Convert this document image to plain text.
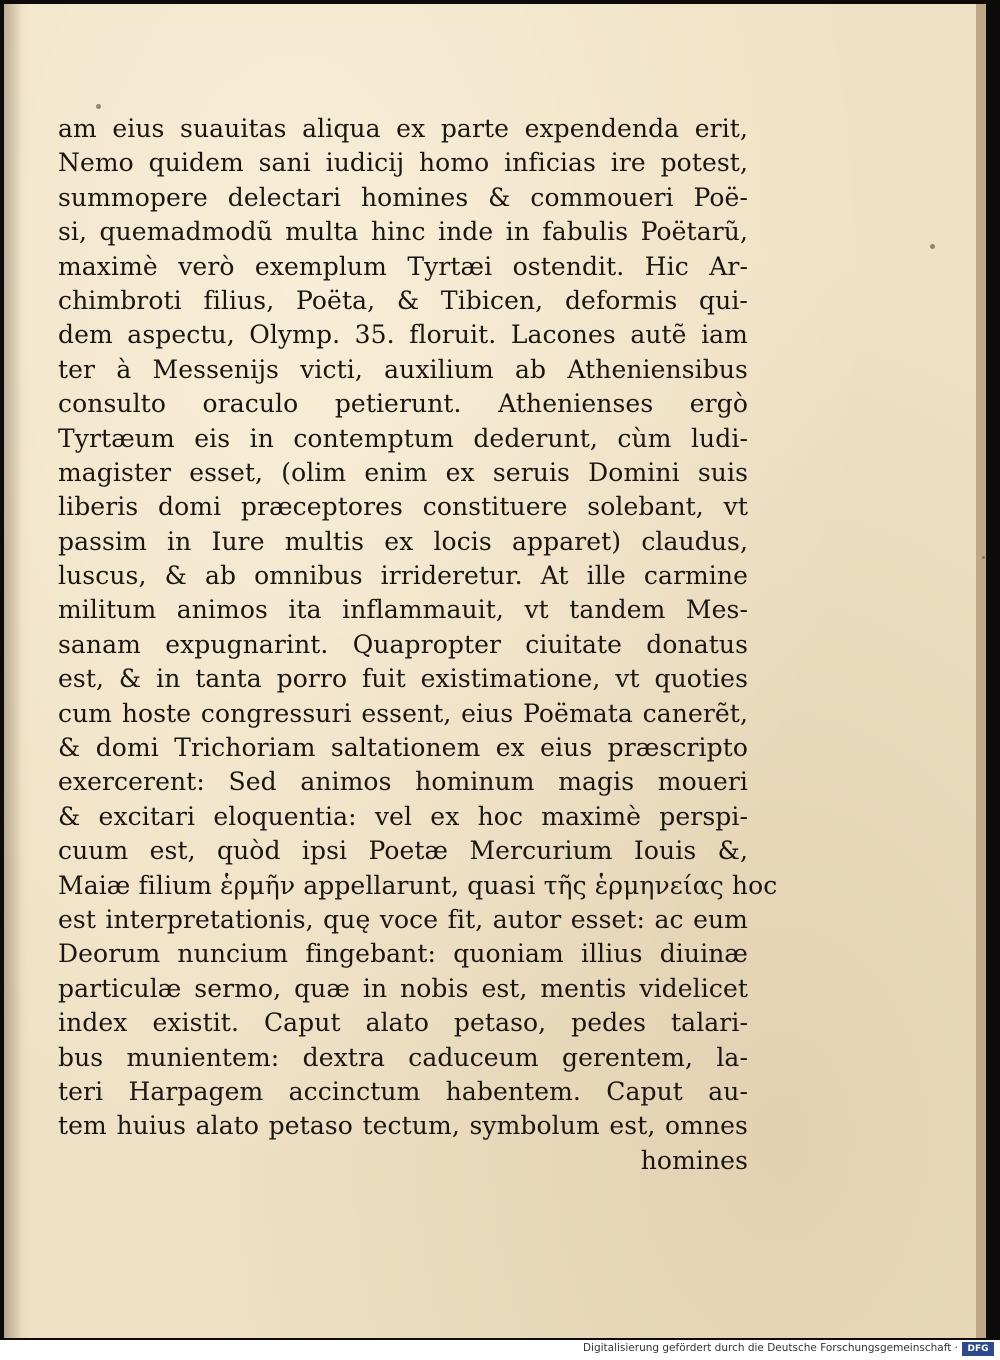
am eius suauitas aliqua ex parte expendenda erit,
Nemo quidem sani iudicij homo inficias ire potest,
summopere delectari homines & commoueri Poë-
si, quemadmodũ multa hinc inde in fabulis Poëtarũ,
maximè verò exemplum Tyrtæi ostendit. Hic Ar-
chimbroti filius, Poëta, & Tibicen, deformis qui-
dem aspectu, Olymp. 35. floruit. Lacones autẽ iam
ter à Messenijs victi, auxilium ab Atheniensibus
consulto oraculo petierunt. Athenienses ergò
Tyrtæum eis in contemptum dederunt, cùm ludi-
magister esset, (olim enim ex seruis Domini suis
liberis domi præceptores constituere solebant, vt
passim in Iure multis ex locis apparet) claudus,
luscus, & ab omnibus irrideretur. At ille carmine
militum animos ita inflammauit, vt tandem Mes-
sanam expugnarint. Quapropter ciuitate donatus
est, & in tanta porro fuit existimatione, vt quoties
cum hoste congressuri essent, eius Poëmata canerẽt,
& domi Trichoriam saltationem ex eius præscripto
exercerent: Sed animos hominum magis moueri
& excitari eloquentia: vel ex hoc maximè perspi-
cuum est, quòd ipsi Poetæ Mercurium Iouis &,
Maiæ filium ἑρμῆν appellarunt, quasi τῆς ἑρμηνείας hoc
est interpretationis, quę voce fit, autor esset: ac eum
Deorum nuncium fingebant: quoniam illius diuinæ
particulæ sermo, quæ in nobis est, mentis videlicet
index existit. Caput alato petaso, pedes talari-
bus munientem: dextra caduceum gerentem, la-
teri Harpagem accinctum habentem. Caput au-
tem huius alato petaso tectum, symbolum est, omnes
homines
Digitalisierung gefördert durch die Deutsche Forschungsgemeinschaft ·	DFG
